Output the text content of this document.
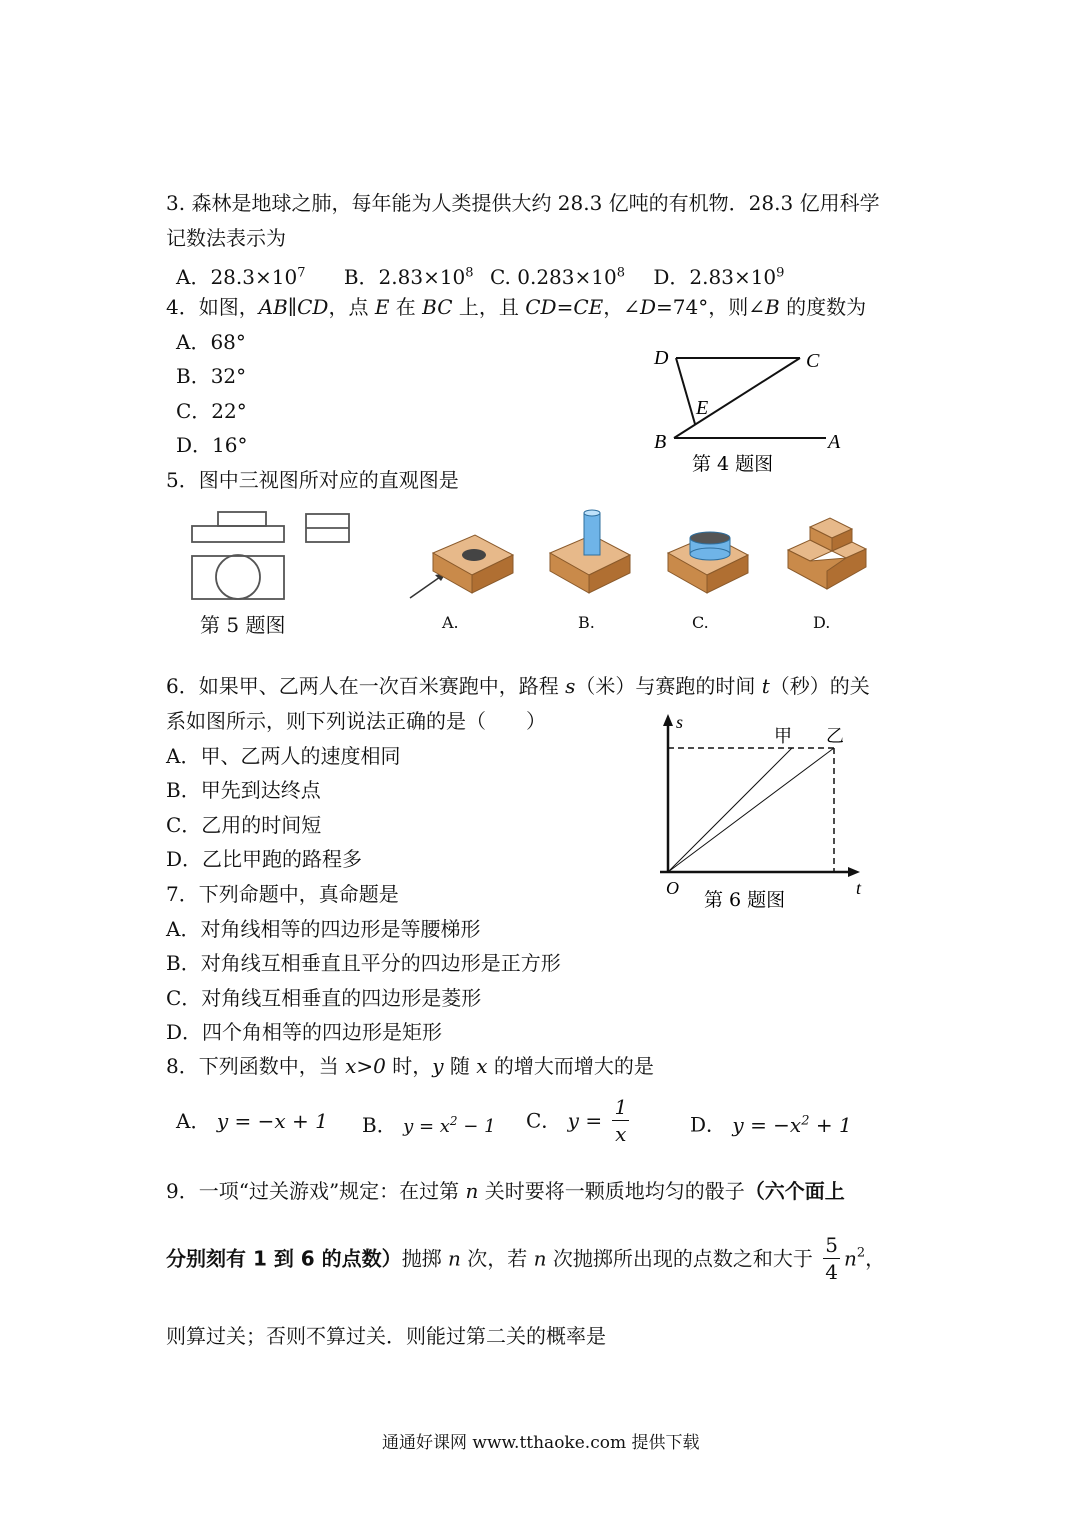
3. 森林是地球之肺，每年能为人类提供大约 28.3 亿吨的有机物．28.3 亿用科学
记数法表示为
A．$28.3\times 10^7$ B．$2.83\times 10^8$ C. $0.283\times 10^8$ D．$2.83\times 10^9$
4．如图，AB∥CD，点 E 在 BC 上，且 CD=CE，∠D=74°，则∠B 的度数为
A．68°
B．32°
C．22°
D．16°
D	C
E
B	A
第 4 题图
5．图中三视图所对应的直观图是
第 5 题图	A.	B.	C.	D.
6．如果甲、乙两人在一次百米赛跑中，路程 s（米）与赛跑的时间 t（秒）的关
系如图所示，则下列说法正确的是（　　）
A．甲、乙两人的速度相同
B．甲先到达终点
C．乙用的时间短
D．乙比甲跑的路程多
s
t
O
甲 乙
第 6 题图
7．下列命题中，真命题是
A．对角线相等的四边形是等腰梯形
B．对角线互相垂直且平分的四边形是正方形
C．对角线互相垂直的四边形是菱形
D．四个角相等的四边形是矩形
8．下列函数中，当 x>0 时，y 随 x 的增大而增大的是
A． y = −x + 1 B． $y = x^2 - 1$ C． $y = \frac{1}{x}$	D． $y = -x^2 + 1$
9．一项“过关游戏”规定：在过第 n 关时要将一颗质地均匀的骰子（六个面上
分别刻有 1 到 6 的点数）抛掷 n 次，若 n 次抛掷所出现的点数之和大于 $\frac{5}{4} n^2$，
则算过关；否则不算过关．则能过第二关的概率是
通通好课网 www.tthaoke.com 提供下载
